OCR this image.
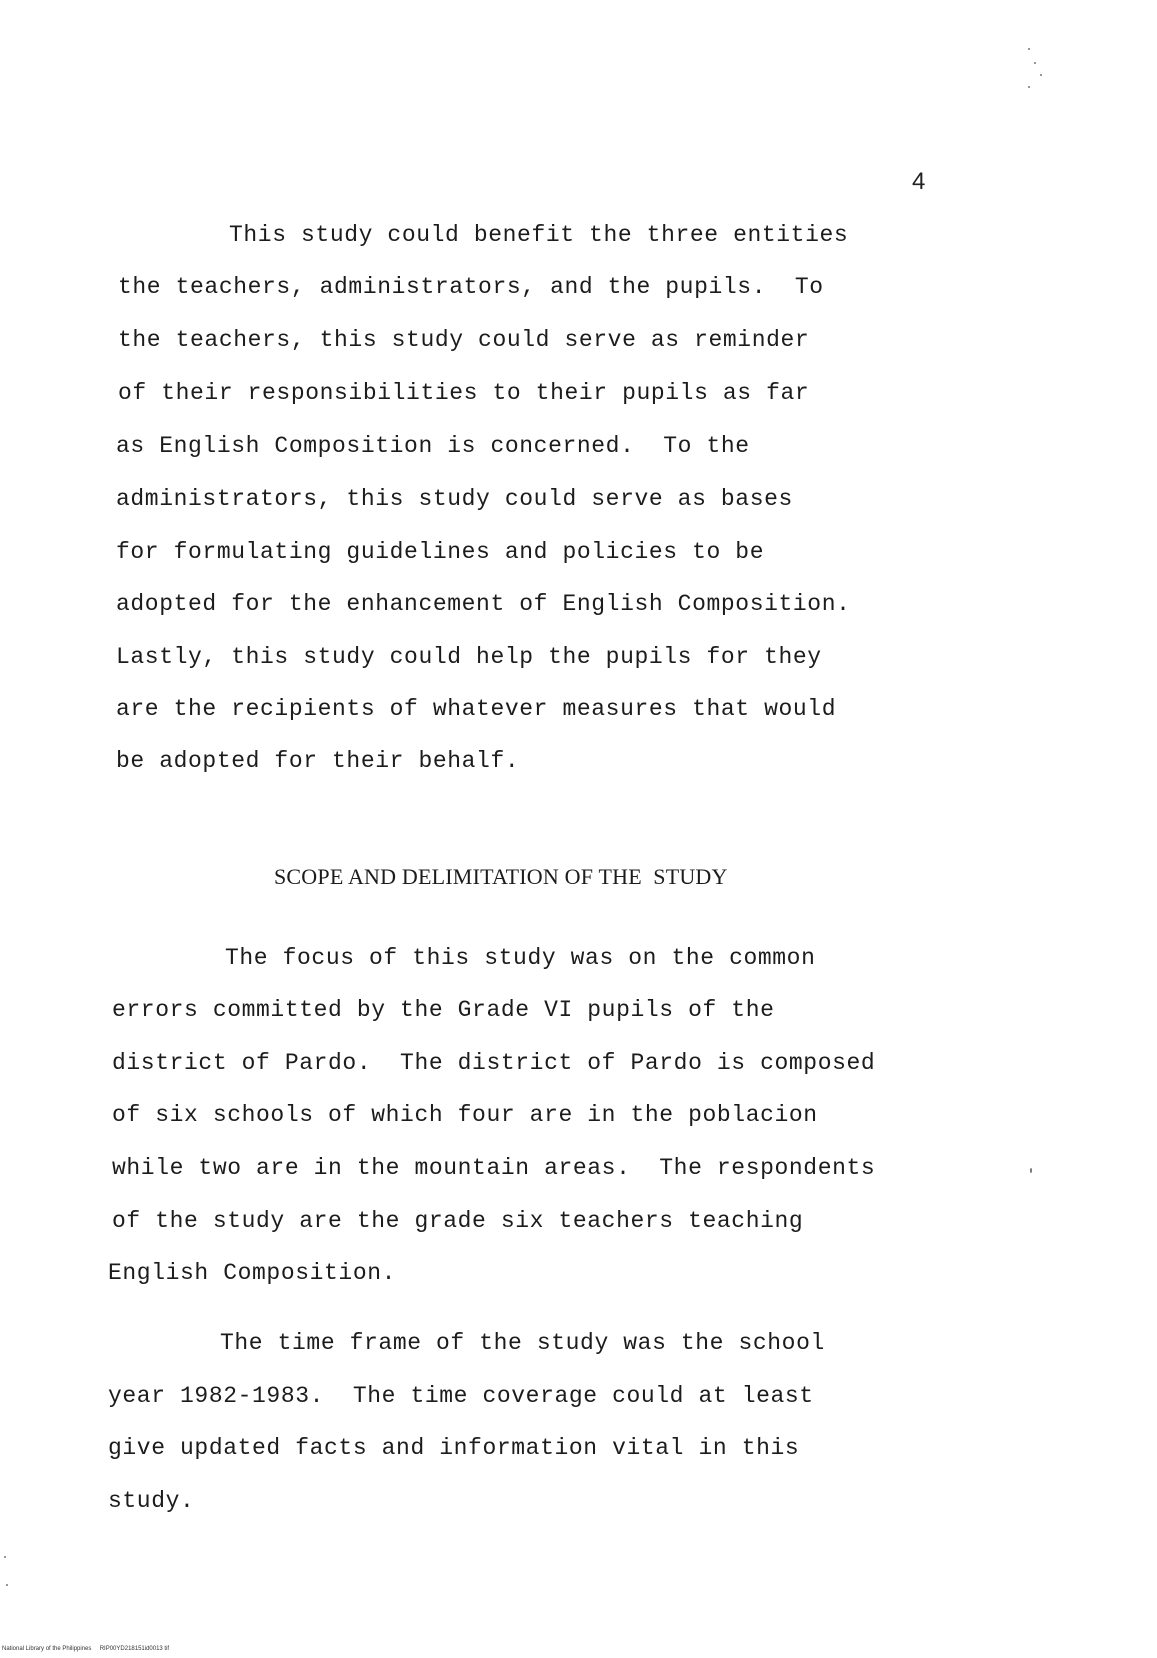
4
This study could benefit the three entities
the teachers, administrators, and the pupils.  To
the teachers, this study could serve as reminder
of their responsibilities to their pupils as far
as English Composition is concerned.  To the
administrators, this study could serve as bases
for formulating guidelines and policies to be
adopted for the enhancement of English Composition.
Lastly, this study could help the pupils for they
are the recipients of whatever measures that would
be adopted for their behalf.
SCOPE AND DELIMITATION OF THE  STUDY
The focus of this study was on the common
errors committed by the Grade VI pupils of the
district of Pardo.  The district of Pardo is composed
of six schools of which four are in the poblacion
while two are in the mountain areas.  The respondents
of the study are the grade six teachers teaching
English Composition.
The time frame of the study was the school
year 1982-1983.  The time coverage could at least
give updated facts and information vital in this
study.
National Library of the Philippines     RIP00YD218151id0013 tif
